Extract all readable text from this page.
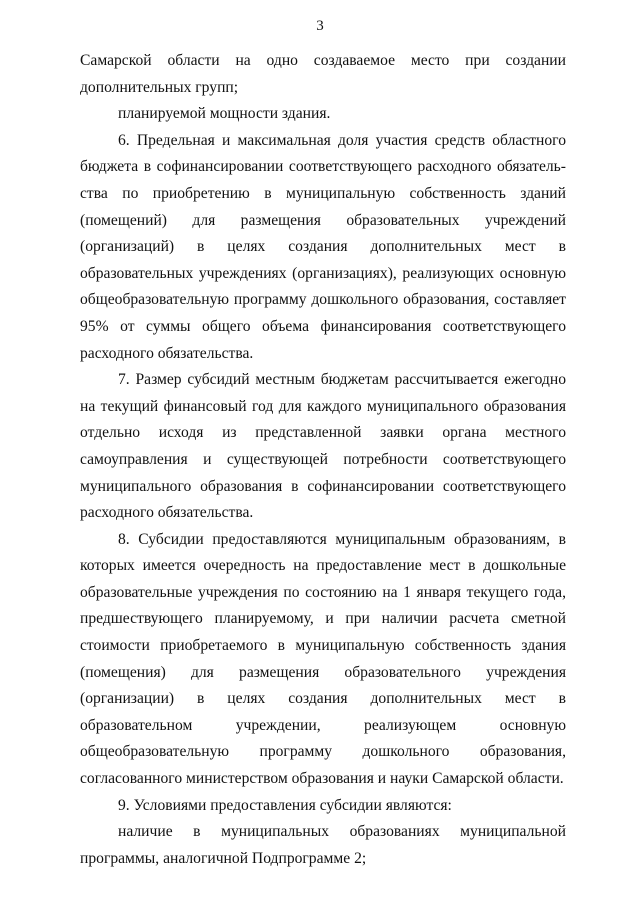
3

Самарской области на одно создаваемое место при создании дополнительных групп;

планируемой мощности здания.

6. Предельная и максимальная доля участия средств областного бюджета в софинансировании соответствующего расходного обязатель-ства по приобретению в муниципальную собственность зданий (помещений) для размещения образовательных учреждений (организаций) в целях создания дополнительных мест в образовательных учреждениях (организациях), реализующих основную общеобразовательную программу дошкольного образования, составляет 95% от суммы общего объема финансирования соответствующего расходного обязательства.

7. Размер субсидий местным бюджетам рассчитывается ежегодно на текущий финансовый год для каждого муниципального образования отдельно исходя из представленной заявки органа местного самоуправления и существующей потребности соответствующего муниципального образования в софинансировании соответствующего расходного обязательства.

8. Субсидии предоставляются муниципальным образованиям, в которых имеется очередность на предоставление мест в дошкольные образовательные учреждения по состоянию на 1 января текущего года, предшествующего планируемому, и при наличии расчета сметной стоимости приобретаемого в муниципальную собственность здания (помещения) для размещения образовательного учреждения (организации) в целях создания дополнительных мест в образовательном учреждении, реализующем основную общеобразовательную программу дошкольного образования, согласованного министерством образования и науки Самарской области.

9. Условиями предоставления субсидии являются:

наличие в муниципальных образованиях муниципальной программы, аналогичной Подпрограмме 2;
